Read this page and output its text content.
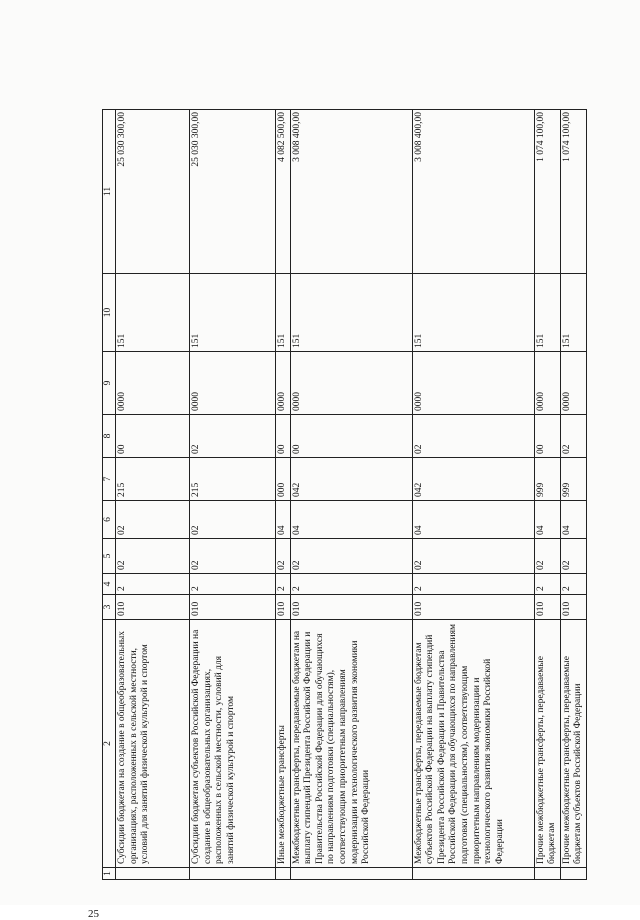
25
1	2	3	4	5	6	7	8	9	10	11
	Субсидии бюджетам на создание в общеобразовательных организациях, расположенных в сельской местности, условий для занятий физической культурой и спортом	010	2	02	02	215	00	0000	151	25 030 300,00
	Субсидии бюджетам субъектов Российской Федерации на создание в общеобразовательных организациях, расположенных в сельской местности, условий для занятий физической культурой и спортом	010	2	02	02	215	02	0000	151	25 030 300,00
	Иные межбюджетные трансферты	010	2	02	04	000	00	0000	151	4 082 500,00
	Межбюджетные трансферты, передаваемые бюджетам на выплату стипендий Президента Российской Федерации и Правительства Российской Федерации для обучающихся по направлениям подготовки (специальностям), соответствующим приоритетным направлениям модернизации и технологического развития экономики Российской Федерации	010	2	02	04	042	00	0000	151	3 008 400,00
	Межбюджетные трансферты, передаваемые бюджетам субъектов Российской Федерации на выплату стипендий Президента Российской Федерации и Правительства Российской Федерации для обучающихся по направлениям подготовки (специальностям), соответствующим приоритетным направлениям модернизации и технологического развития экономики Российской Федерации	010	2	02	04	042	02	0000	151	3 008 400,00
	Прочие межбюджетные трансферты, передаваемые бюджетам	010	2	02	04	999	00	0000	151	1 074 100,00
	Прочие межбюджетные трансферты, передаваемые бюджетам субъектов Российской Федерации	010	2	02	04	999	02	0000	151	1 074 100,00
